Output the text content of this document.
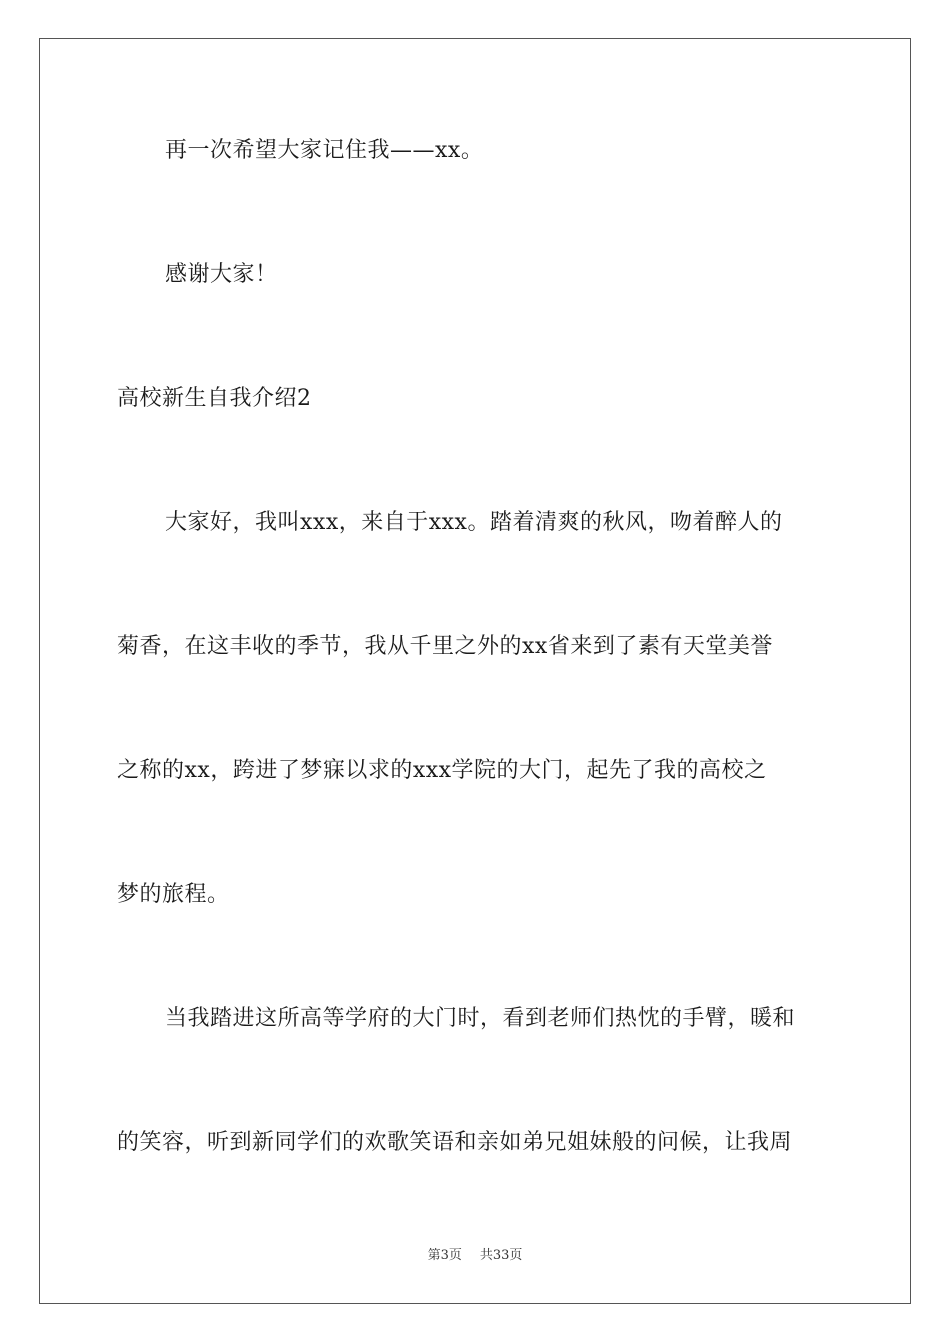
再一次希望大家记住我——xx。
感谢大家！
高校新生自我介绍2
大家好，我叫xxx，来自于xxx。踏着清爽的秋风，吻着醉人的
菊香，在这丰收的季节，我从千里之外的xx省来到了素有天堂美誉
之称的xx，跨进了梦寐以求的xxx学院的大门，起先了我的高校之
梦的旅程。
当我踏进这所高等学府的大门时，看到老师们热忱的手臂，暖和
的笑容，听到新同学们的欢歌笑语和亲如弟兄姐妹般的问候，让我周
第3页 共33页
